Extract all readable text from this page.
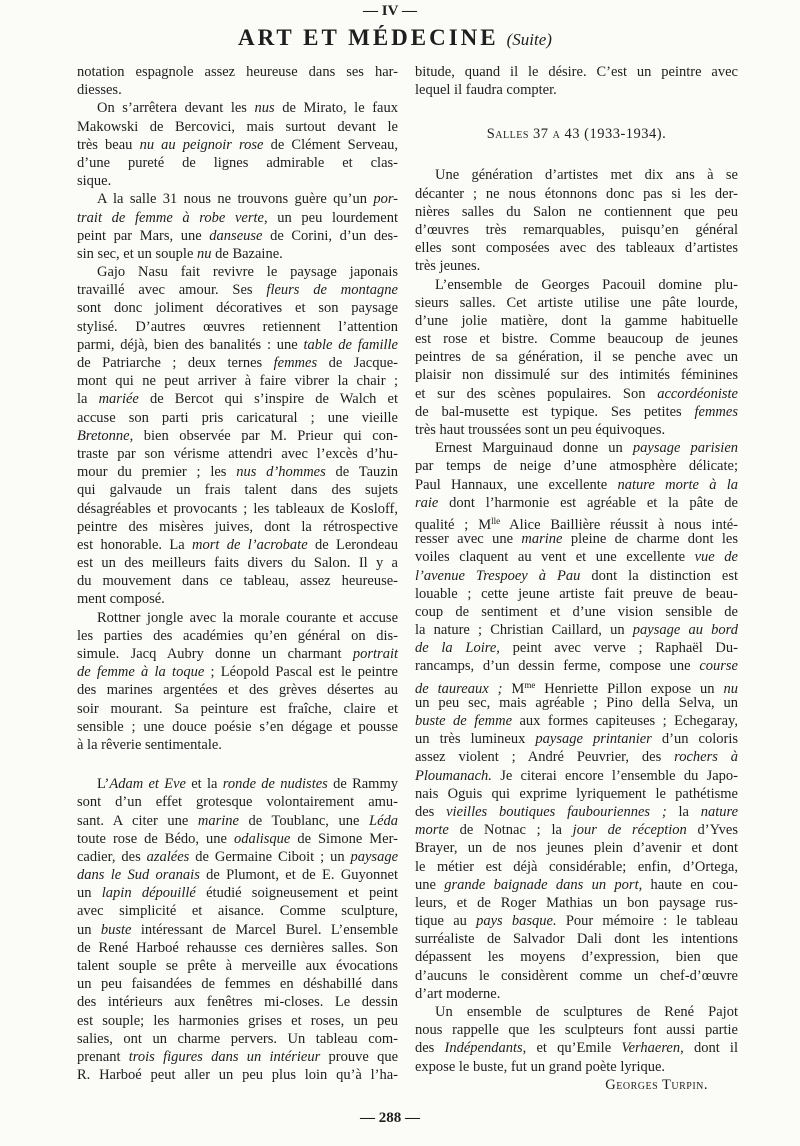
— IV —
ART ET MÉDECINE (Suite)
notation espagnole assez heureuse dans ses har-
diesses.
On s’arrêtera devant les nus de Mirato, le faux
Makowski de Bercovici, mais surtout devant le
très beau nu au peignoir rose de Clément Serveau,
d’une pureté de lignes admirable et clas-
sique.
A la salle 31 nous ne trouvons guère qu’un por-
trait de femme à robe verte, un peu lourdement
peint par Mars, une danseuse de Corini, d’un des-
sin sec, et un souple nu de Bazaine.
Gajo Nasu fait revivre le paysage japonais
travaillé avec amour. Ses fleurs de montagne
sont donc joliment décoratives et son paysage
stylisé. D’autres œuvres retiennent l’attention
parmi, déjà, bien des banalités : une table de famille
de Patriarche ; deux ternes femmes de Jacque-
mont qui ne peut arriver à faire vibrer la chair ;
la mariée de Bercot qui s’inspire de Walch et
accuse son parti pris caricatural ; une vieille
Bretonne, bien observée par M. Prieur qui con-
traste par son vérisme attendri avec l’excès d’hu-
mour du premier ; les nus d’hommes de Tauzin
qui galvaude un frais talent dans des sujets
désagréables et provocants ; les tableaux de Kosloff,
peintre des misères juives, dont la rétrospective
est honorable. La mort de l’acrobate de Lerondeau
est un des meilleurs faits divers du Salon. Il y a
du mouvement dans ce tableau, assez heureuse-
ment composé.
Rottner jongle avec la morale courante et accuse
les parties des académies qu’en général on dis-
simule. Jacq Aubry donne un charmant portrait
de femme à la toque ; Léopold Pascal est le peintre
des marines argentées et des grèves désertes au
soir mourant. Sa peinture est fraîche, claire et
sensible ; une douce poésie s’en dégage et pousse
à la rêverie sentimentale.
L’Adam et Eve et la ronde de nudistes de Rammy
sont d’un effet grotesque volontairement amu-
sant. A citer une marine de Toublanc, une Léda
toute rose de Bédo, une odalisque de Simone Mer-
cadier, des azalées de Germaine Ciboit ; un paysage
dans le Sud oranais de Plumont, et de E. Guyonnet
un lapin dépouillé étudié soigneusement et peint
avec simplicité et aisance. Comme sculpture,
un buste intéressant de Marcel Burel. L’ensemble
de René Harboé rehausse ces dernières salles. Son
talent souple se prête à merveille aux évocations
un peu faisandées de femmes en déshabillé dans
des intérieurs aux fenêtres mi-closes. Le dessin
est souple; les harmonies grises et roses, un peu
salies, ont un charme pervers. Un tableau com-
prenant trois figures dans un intérieur prouve que
R. Harboé peut aller un peu plus loin qu’à l’ha-
bitude, quand il le désire. C’est un peintre avec
lequel il faudra compter.
Salles 37 a 43 (1933-1934).
Une génération d’artistes met dix ans à se
décanter ; ne nous étonnons donc pas si les der-
nières salles du Salon ne contiennent que peu
d’œuvres très remarquables, puisqu’en général
elles sont composées avec des tableaux d’artistes
très jeunes.
L’ensemble de Georges Pacouil domine plu-
sieurs salles. Cet artiste utilise une pâte lourde,
d’une jolie matière, dont la gamme habituelle
est rose et bistre. Comme beaucoup de jeunes
peintres de sa génération, il se penche avec un
plaisir non dissimulé sur des intimités féminines
et sur des scènes populaires. Son accordéoniste
de bal-musette est typique. Ses petites femmes
très haut troussées sont un peu équivoques.
Ernest Marguinaud donne un paysage parisien
par temps de neige d’une atmosphère délicate;
Paul Hannaux, une excellente nature morte à la
raie dont l’harmonie est agréable et la pâte de
qualité ; $M^{lle}$ Alice Baillière réussit à nous inté-
resser avec une marine pleine de charme dont les
voiles claquent au vent et une excellente vue de
l’avenue Trespoey à Pau dont la distinction est
louable ; cette jeune artiste fait preuve de beau-
coup de sentiment et d’une vision sensible de
la nature ; Christian Caillard, un paysage au bord
de la Loire, peint avec verve ; Raphaël Du-
rancamps, d’un dessin ferme, compose une course
de taureaux ; $M^{me}$ Henriette Pillon expose un nu
un peu sec, mais agréable ; Pino della Selva, un
buste de femme aux formes capiteuses ; Echegaray,
un très lumineux paysage printanier d’un coloris
assez violent ; André Peuvrier, des rochers à
Ploumanach. Je citerai encore l’ensemble du Japo-
nais Oguis qui exprime lyriquement le pathétisme
des vieilles boutiques faubouriennes ; la nature
morte de Notnac ; la jour de réception d’Yves
Brayer, un de nos jeunes plein d’avenir et dont
le métier est déjà considérable; enfin, d’Ortega,
une grande baignade dans un port, haute en cou-
leurs, et de Roger Mathias un bon paysage rus-
tique au pays basque. Pour mémoire : le tableau
surréaliste de Salvador Dali dont les intentions
dépassent les moyens d’expression, bien que
d’aucuns le considèrent comme un chef-d’œuvre
d’art moderne.
Un ensemble de sculptures de René Pajot
nous rappelle que les sculpteurs font aussi partie
des Indépendants, et qu’Emile Verhaeren, dont il
expose le buste, fut un grand poète lyrique.
Georges Turpin.
— 288 —
